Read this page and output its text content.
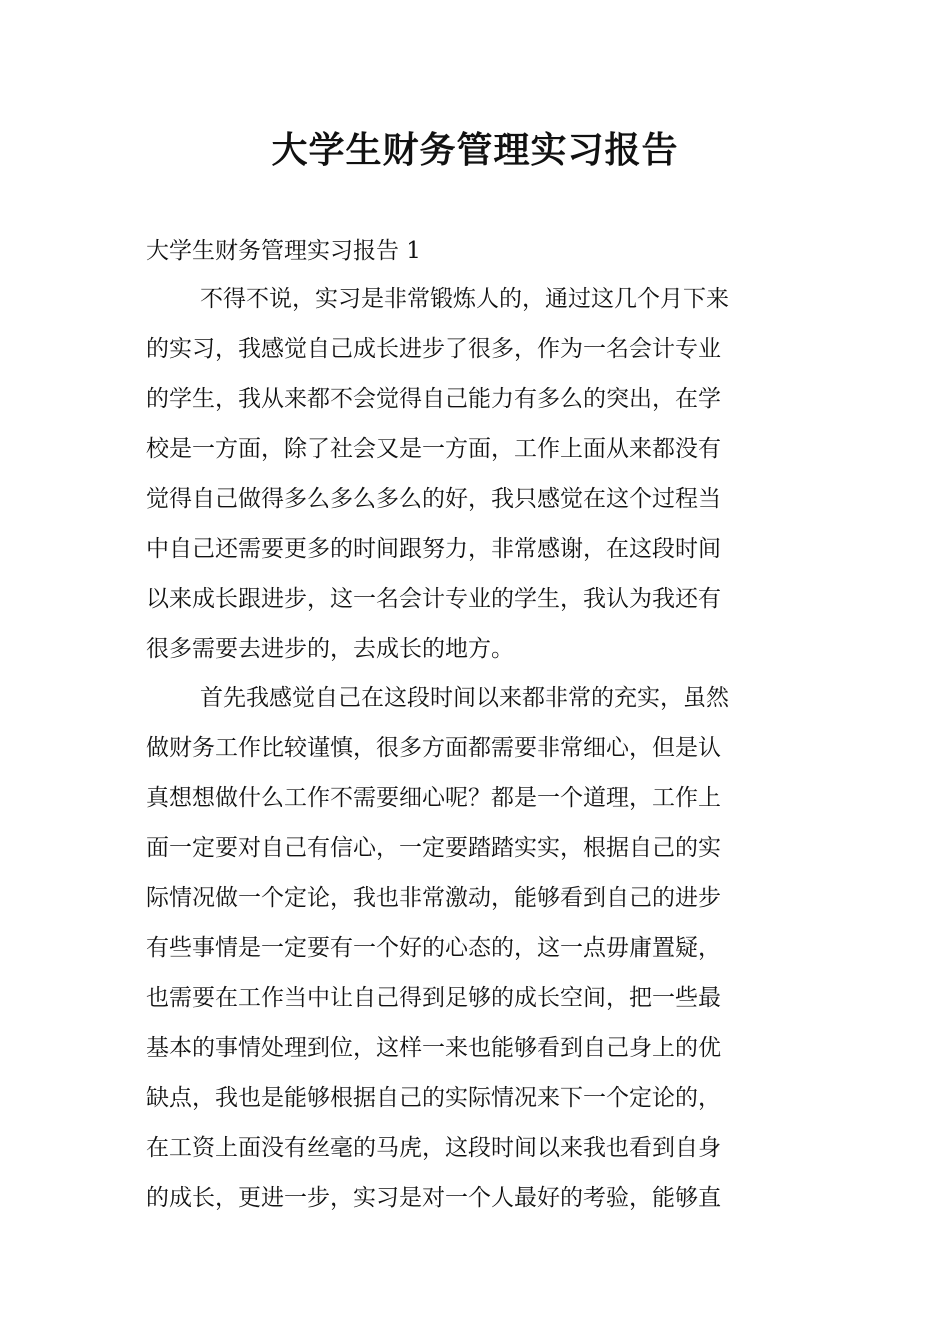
大学生财务管理实习报告
大学生财务管理实习报告 1
不得不说，实习是非常锻炼人的，通过这几个月下来
的实习，我感觉自己成长进步了很多，作为一名会计专业
的学生，我从来都不会觉得自己能力有多么的突出，在学
校是一方面，除了社会又是一方面，工作上面从来都没有
觉得自己做得多么多么多么的好，我只感觉在这个过程当
中自己还需要更多的时间跟努力，非常感谢，在这段时间
以来成长跟进步，这一名会计专业的学生，我认为我还有
很多需要去进步的，去成长的地方。
首先我感觉自己在这段时间以来都非常的充实，虽然
做财务工作比较谨慎，很多方面都需要非常细心，但是认
真想想做什么工作不需要细心呢？都是一个道理，工作上
面一定要对自己有信心，一定要踏踏实实，根据自己的实
际情况做一个定论，我也非常激动，能够看到自己的进步
有些事情是一定要有一个好的心态的，这一点毋庸置疑，
也需要在工作当中让自己得到足够的成长空间，把一些最
基本的事情处理到位，这样一来也能够看到自己身上的优
缺点，我也是能够根据自己的实际情况来下一个定论的，
在工资上面没有丝毫的马虎，这段时间以来我也看到自身
的成长，更进一步，实习是对一个人最好的考验，能够直
